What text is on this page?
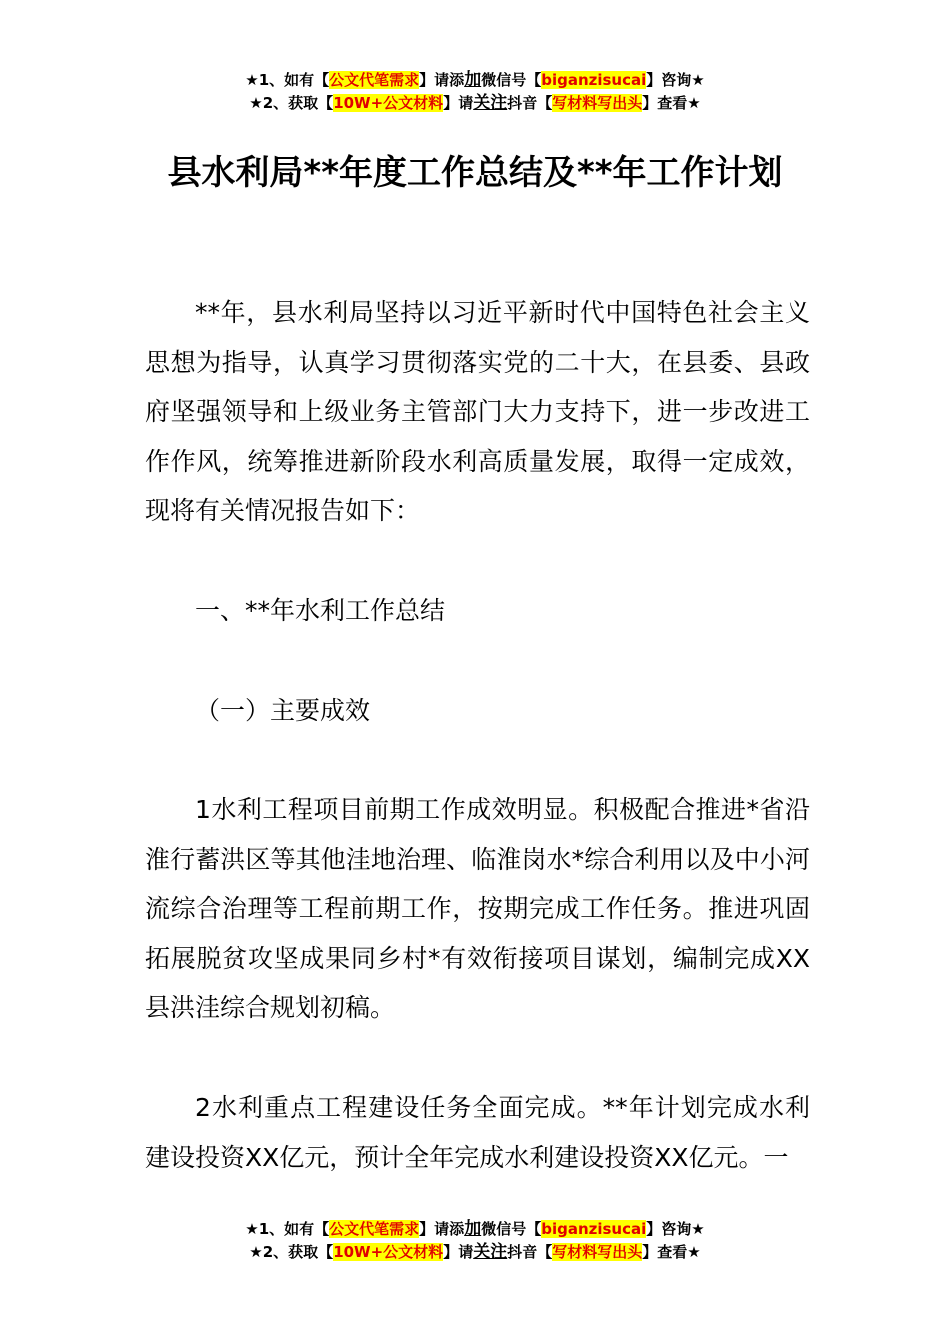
★1、如有【公文代笔需求】请添加微信号【biganzisucai】咨询★
★2、获取【10W+公文材料】请关注抖音【写材料写出头】查看★
县水利局**年度工作总结及**年工作计划

**年，县水利局坚持以习近平新时代中国特色社会主义思想为指导，认真学习贯彻落实党的二十大，在县委、县政府坚强领导和上级业务主管部门大力支持下，进一步改进工作作风，统筹推进新阶段水利高质量发展，取得一定成效，现将有关情况报告如下：

一、**年水利工作总结
（一）主要成效

1水利工程项目前期工作成效明显。积极配合推进*省沿淮行蓄洪区等其他洼地治理、临淮岗水*综合利用以及中小河流综合治理等工程前期工作，按期完成工作任务。推进巩固拓展脱贫攻坚成果同乡村*有效衔接项目谋划，编制完成XX县洪洼综合规划初稿。

2水利重点工程建设任务全面完成。**年计划完成水利建设投资XX亿元，预计全年完成水利建设投资XX亿元。一

★1、如有【公文代笔需求】请添加微信号【biganzisucai】咨询★
★2、获取【10W+公文材料】请关注抖音【写材料写出头】查看★
